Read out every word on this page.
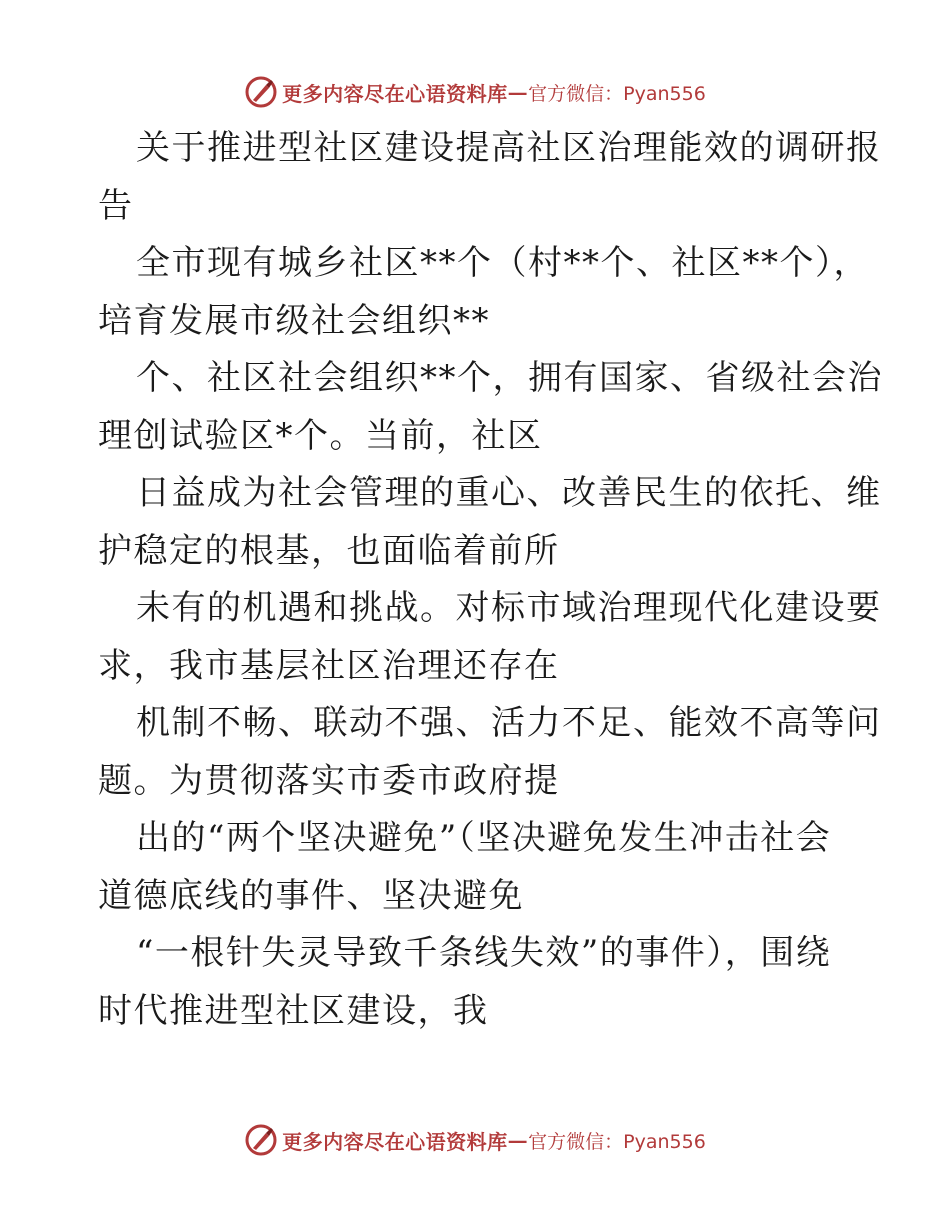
更多内容尽在心语资料库 — 官方微信：Pyan556

关于推进型社区建设提高社区治理能效的调研报
告

全市现有城乡社区**个（村**个、社区**个），
培育发展市级社会组织**

个、社区社会组织**个，拥有国家、省级社会治
理创试验区*个。当前，社区

日益成为社会管理的重心、改善民生的依托、维
护稳定的根基，也面临着前所

未有的机遇和挑战。对标市域治理现代化建设要
求，我市基层社区治理还存在

机制不畅、联动不强、活力不足、能效不高等问
题。为贯彻落实市委市政府提

出的“两个坚决避免”（坚决避免发生冲击社会
道德底线的事件、坚决避免

“一根针失灵导致千条线失效”的事件），围绕
时代推进型社区建设，我

更多内容尽在心语资料库 — 官方微信：Pyan556
